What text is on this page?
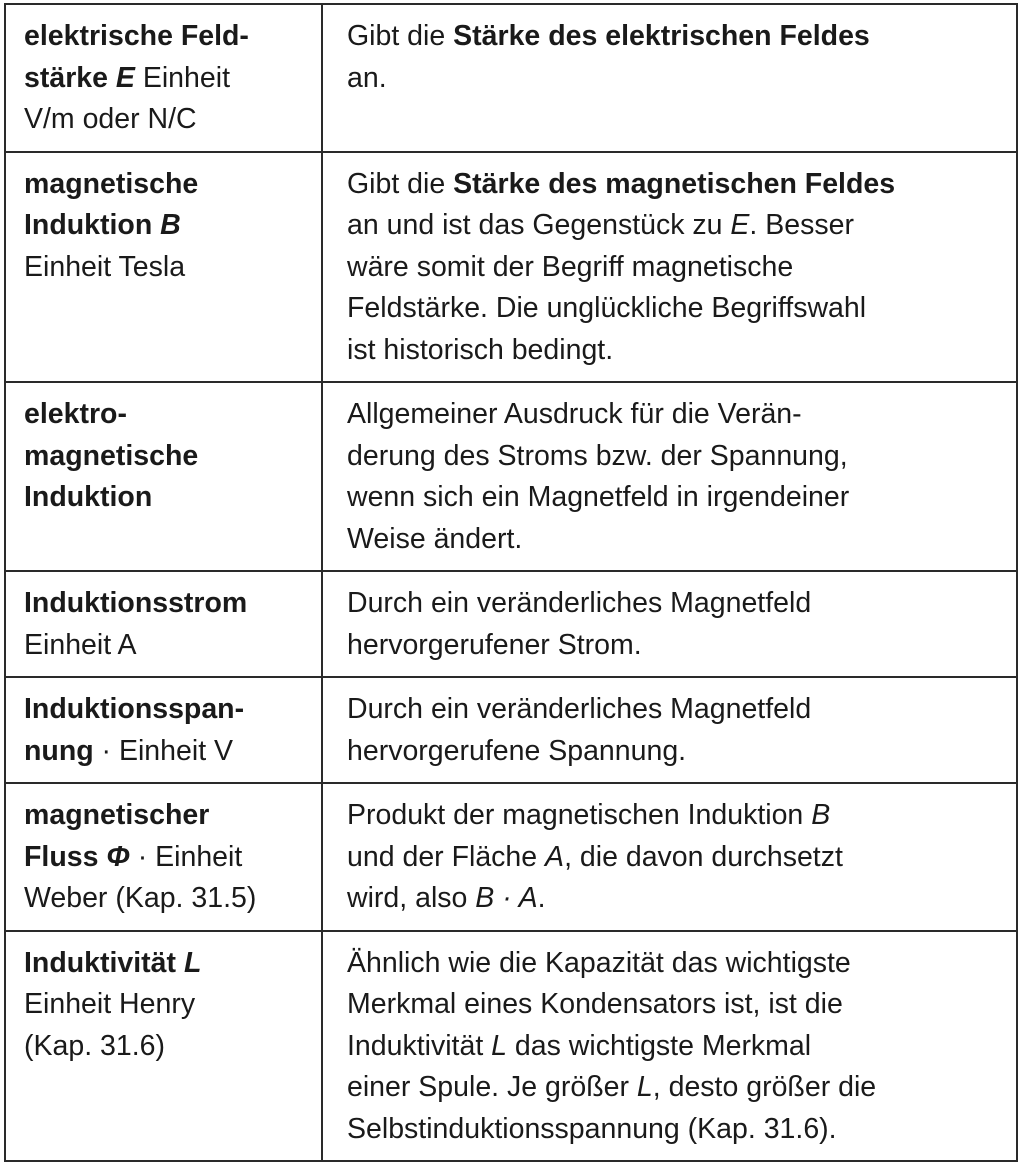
elektrische Feld-
stärke E Einheit
V/m oder N/C	Gibt die Stärke des elektrischen Feldes
an.

magnetische
Induktion B
Einheit Tesla	Gibt die Stärke des magnetischen Feldes
an und ist das Gegenstück zu E. Besser
wäre somit der Begriff magnetische
Feldstärke. Die unglückliche Begriffswahl
ist historisch bedingt.

elektro-
magnetische
Induktion	Allgemeiner Ausdruck für die Verän-
derung des Stroms bzw. der Spannung,
wenn sich ein Magnetfeld in irgendeiner
Weise ändert.

Induktionsstrom
Einheit A	Durch ein veränderliches Magnetfeld
hervorgerufener Strom.

Induktionsspan-
nung · Einheit V	Durch ein veränderliches Magnetfeld
hervorgerufene Spannung.

magnetischer
Fluss Φ · Einheit
Weber (Kap. 31.5)	Produkt der magnetischen Induktion B
und der Fläche A, die davon durchsetzt
wird, also B · A.

Induktivität L
Einheit Henry
(Kap. 31.6)	Ähnlich wie die Kapazität das wichtigste
Merkmal eines Kondensators ist, ist die
Induktivität L das wichtigste Merkmal
einer Spule. Je größer L, desto größer die
Selbstinduktionsspannung (Kap. 31.6).
